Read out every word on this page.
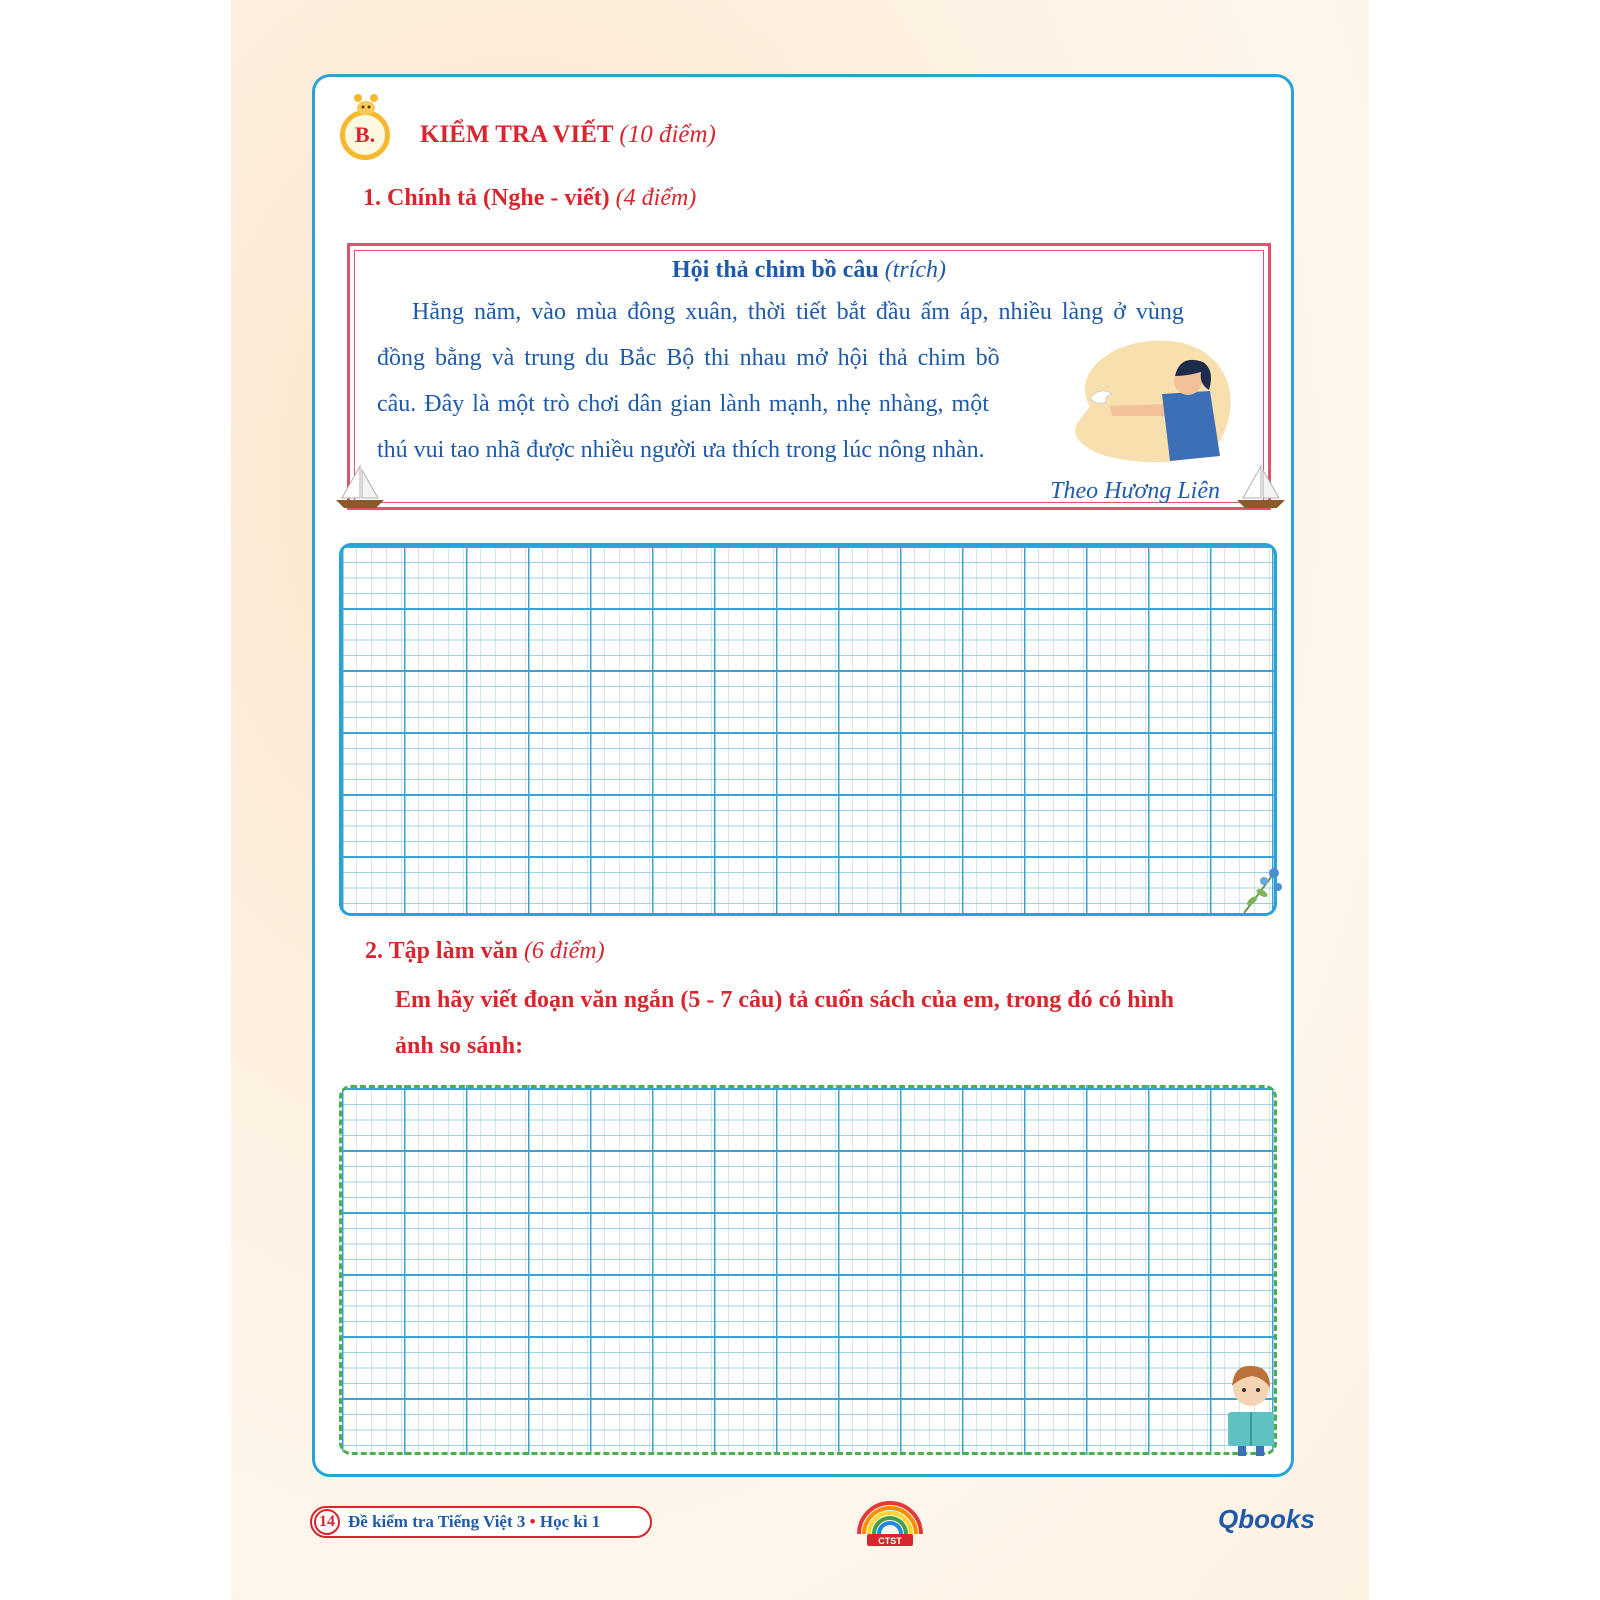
B. KIỂM TRA VIẾT (10 điểm)
1. Chính tả (Nghe - viết) (4 điểm)
Hội thả chim bồ câu (trích)
Hằng năm, vào mùa đông xuân, thời tiết bắt đầu ấm áp, nhiều làng ở vùng
đồng bằng và trung du Bắc Bộ thi nhau mở hội thả chim bồ
câu. Đây là một trò chơi dân gian lành mạnh, nhẹ nhàng, một
thú vui tao nhã được nhiều người ưa thích trong lúc nông nhàn.
Theo Hương Liên
2. Tập làm văn (6 điểm)
Em hãy viết đoạn văn ngắn (5 - 7 câu) tả cuốn sách của em, trong đó có hình
ảnh so sánh:
14 Đề kiểm tra Tiếng Việt 3 • Học kì 1
CTST
Qbooks
